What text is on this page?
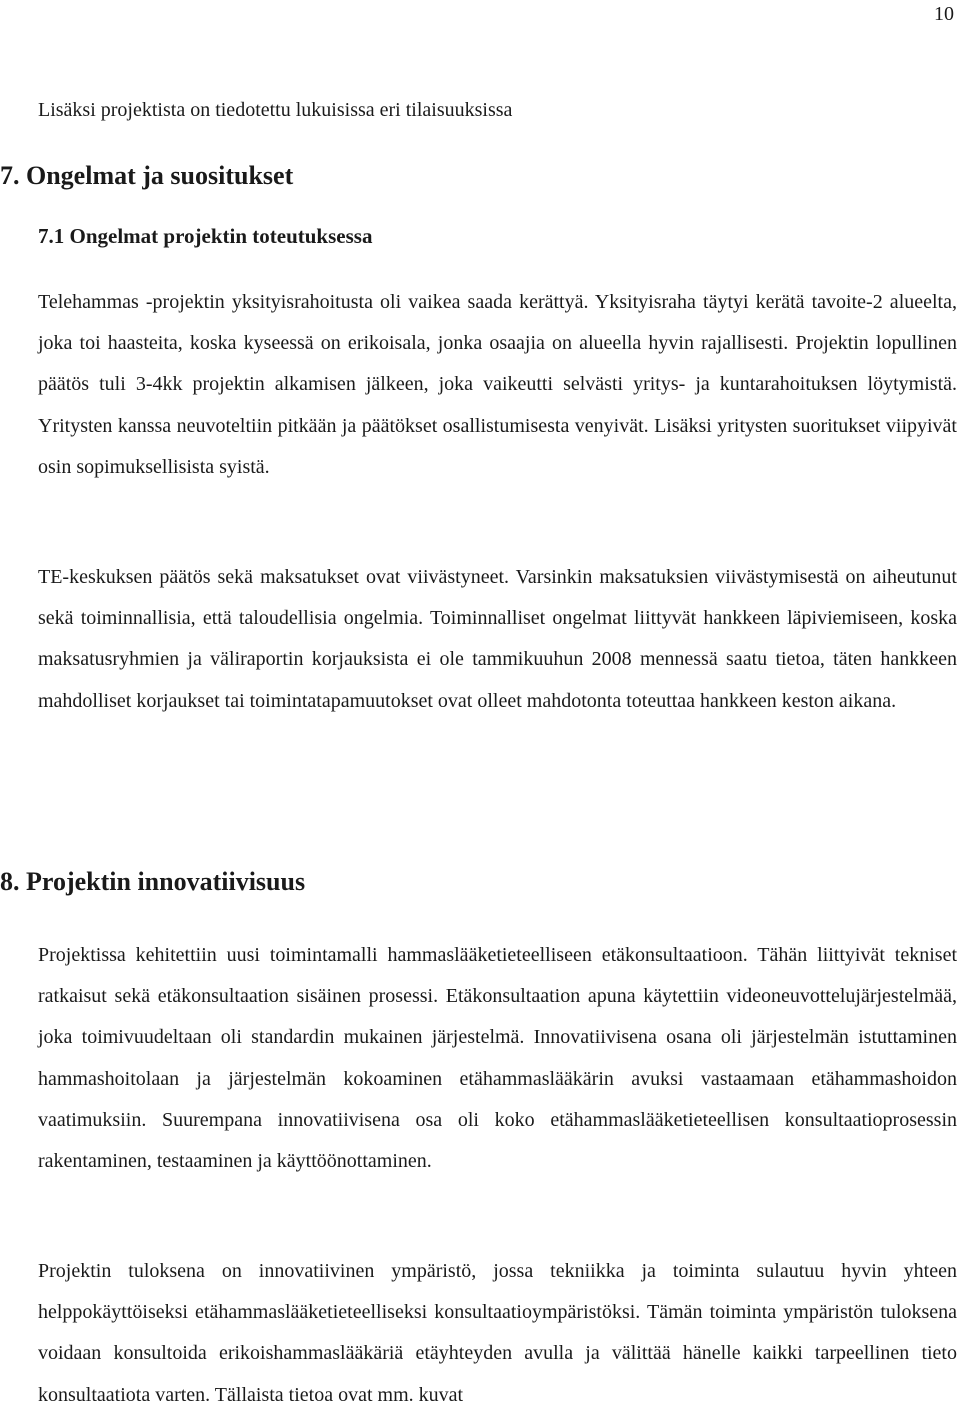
10
Lisäksi projektista on tiedotettu lukuisissa eri tilaisuuksissa
7. Ongelmat ja suositukset
7.1 Ongelmat projektin toteutuksessa

Telehammas -projektin yksityisrahoitusta oli vaikea saada kerättyä. Yksityisraha täytyi kerätä tavoite-2 alueelta, joka toi haasteita, koska kyseessä on erikoisala, jonka osaajia on alueella hyvin rajallisesti. Projektin lopullinen päätös tuli 3-4kk projektin alkamisen jälkeen, joka vaikeutti selvästi yritys- ja kuntarahoituksen löytymistä. Yritysten kanssa neuvoteltiin pitkään ja päätökset osallistumisesta venyivät. Lisäksi yritysten suoritukset viipyivät osin sopimuksellisista syistä.

TE-keskuksen päätös sekä maksatukset ovat viivästyneet. Varsinkin maksatuksien viivästymisestä on aiheutunut sekä toiminnallisia, että taloudellisia ongelmia. Toiminnalliset ongelmat liittyvät hankkeen läpiviemiseen, koska maksatusryhmien ja väliraportin korjauksista ei ole tammikuuhun 2008 mennessä saatu tietoa, täten hankkeen mahdolliset korjaukset tai toimintatapamuutokset ovat olleet mahdotonta toteuttaa hankkeen keston aikana.

8. Projektin innovatiivisuus

Projektissa kehitettiin uusi toimintamalli hammaslääketieteelliseen etäkonsultaatioon. Tähän liittyivät tekniset ratkaisut sekä etäkonsultaation sisäinen prosessi. Etäkonsultaation apuna käytettiin videoneuvottelujärjestelmää, joka toimivuudeltaan oli standardin mukainen järjestelmä. Innovatiivisena osana oli järjestelmän istuttaminen hammashoitolaan ja järjestelmän kokoaminen etähammaslääkärin avuksi vastaamaan etähammashoidon vaatimuksiin. Suurempana innovatiivisena osa oli koko etähammaslääketieteellisen konsultaatioprosessin rakentaminen, testaaminen ja käyttöönottaminen.

Projektin tuloksena on innovatiivinen ympäristö, jossa tekniikka ja toiminta sulautuu hyvin yhteen helppokäyttöiseksi etähammaslääketieteelliseksi konsultaatioympäristöksi. Tämän toiminta ympäristön tuloksena voidaan konsultoida erikoishammaslääkäriä etäyhteyden avulla ja välittää hänelle kaikki tarpeellinen tieto konsultaatiota varten. Tällaista tietoa ovat mm. kuvat
